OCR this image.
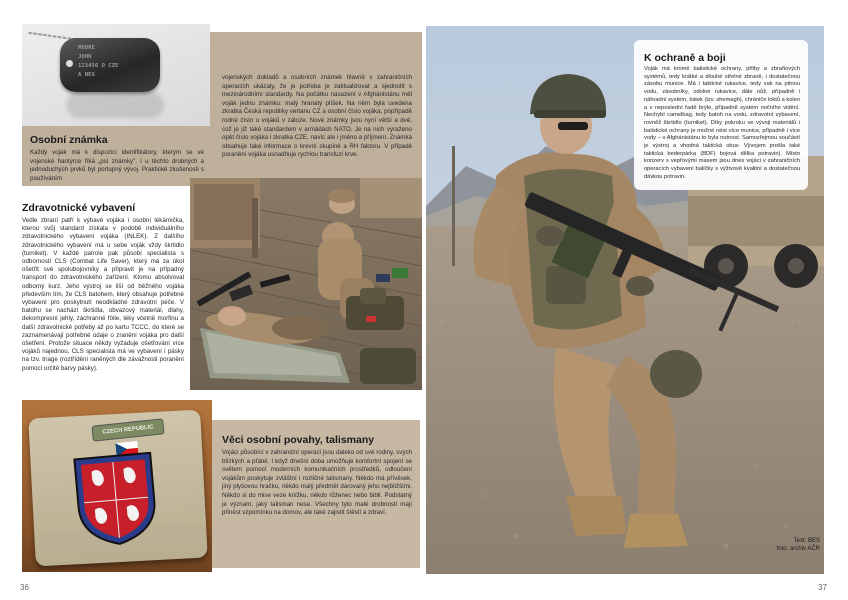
MOORE
JOHN
123456 O CZE
A NEG	vojenských dokladů a osobních známek hlavně v zahraničních operacích ukázaly, že je potřeba je zaktualizovat a sjednotit s mezinárodními standardy. Na počátku nasazení v Afghánistánu měl voják jednu známku: malý hranatý plíšek. Na něm byla uvedena zkratka Česká republiky vertanu CZ a osobní číslo vojáka, popřípadě rodné číslo u vojáků v záloze. Nové známky jsou nyní větší a dvě, což je již také standardem v armádách NATO. Je na nich vyraženo opět číslo vojáka i zkratka CZE, navíc ale i jméno a příjmení. Známka obsahuje také informace o krevní skupině a RH faktoru. V případě poranění vojáka usnadňuje rychlou transfuzi krve.
Osobní známka
Každý voják má k dispozici identifikátory, kterým se ve vojenské hantýrce říká „psí známky". I u těchto drobných a jednoduchých prvků byl portupný vývoj. Praktické zkušenosti s používáním
Zdravotnické vybavení
Vedle zbraní patří k výbavě vojáka i osobní lékárnička, kterou svůj standard získala v podobě individuálního zdravotnického vybavení vojáka (INLEK). Z dalšího zdravotnického vybavení má u sebe voják vždy škrtidlo (turniket). V každé patrole pak působí specialista s odborností CLS (Combat Life Saver), který má za úkol ošetřit své spolubojovníky a připravit je na případný transport do zdravotnického zařízení. Ktomu absolvoval odborný kurz. Jeho výstroj se liší od běžného vojáka především tím, že CLS batohem, který obsahuje potřebné vybavení pro poskytnutí neodkladné zdravotní péče. V batohu se nachází škrtidla, obvazový materiál, dlahy, dekompresní jehly, záchranné fólie, léky včetně morfinu a další zdravotnické potřeby až po kartu TCCC, do které se zaznamenávají potřebné údaje o zranění vojáka pro další ošetření. Protože situace někdy vyžaduje ošetřování více vojáků najednou, CLS specialista má ve vybavení i pásky na tzv. triage (roztřídění raněných dle závažnosti poranění pomocí určitě barvy pásky).
CZECH REPUBLIC
Věci osobní povahy, talismany
Vojáci působící v zahraniční operaci jsou daleko od své rodiny, svých blízkých a přátel. I když dnešní doba umožňuje komfortní spojení se světem pomocí moderních komunikačních prostředků, odloučení vojákům poskytuje zvláštní i rozličné talismany. Někdo má přívěsek, jiný plyšovou hračku, někdo malý předmět darovaný jeho nejbližšími. Někdo si do mise veze knížku, někdo růženec nebo bibli. Podstatný je význam, jaký talisman nese. Všechny tyto malé drobnosti mají přinést vzpomínku na domov, ale také zajistit štěstí a zdraví.
36
K ochraně a boji
Voják má kromě balistické ochrany, přilby a zbraňových systémů, tedy krátké a dlouhé střelné zbraně, i dostatečnou zásobu munice. Má i taktické rukavice, tedy vak na pitnou vodu, zásobníky, odolné rukavice, dále nůž, případně i náhradní systém, šátek (tzv. shemagh), chrániče loktů a kolen a v neposlední řadě brýle, případně systém nočního vidění. Nechybí camelbag, tedy batoh na vodu, zdravotní vybavení, rovněž škrtidlo (turniket). Díky pokroku ve vývoji materiálů i balistické ochrany je možné nést více munice, případně i více vody – v Afghánistánu to byla nutnost. Samozřejmou součástí je výstroj a vhodná taktická obuv. Vývojem prošla také taktická bederpárka (BDF) bojová dělka potravin). Místo konzerv s vepřovými masem jsou dnes vojáci v zahraničních operacích vybaveni balíčky s výživově kvalitní a dostatečnou dávkou potravin.
Text: BES
foto: archiv AČR
37
